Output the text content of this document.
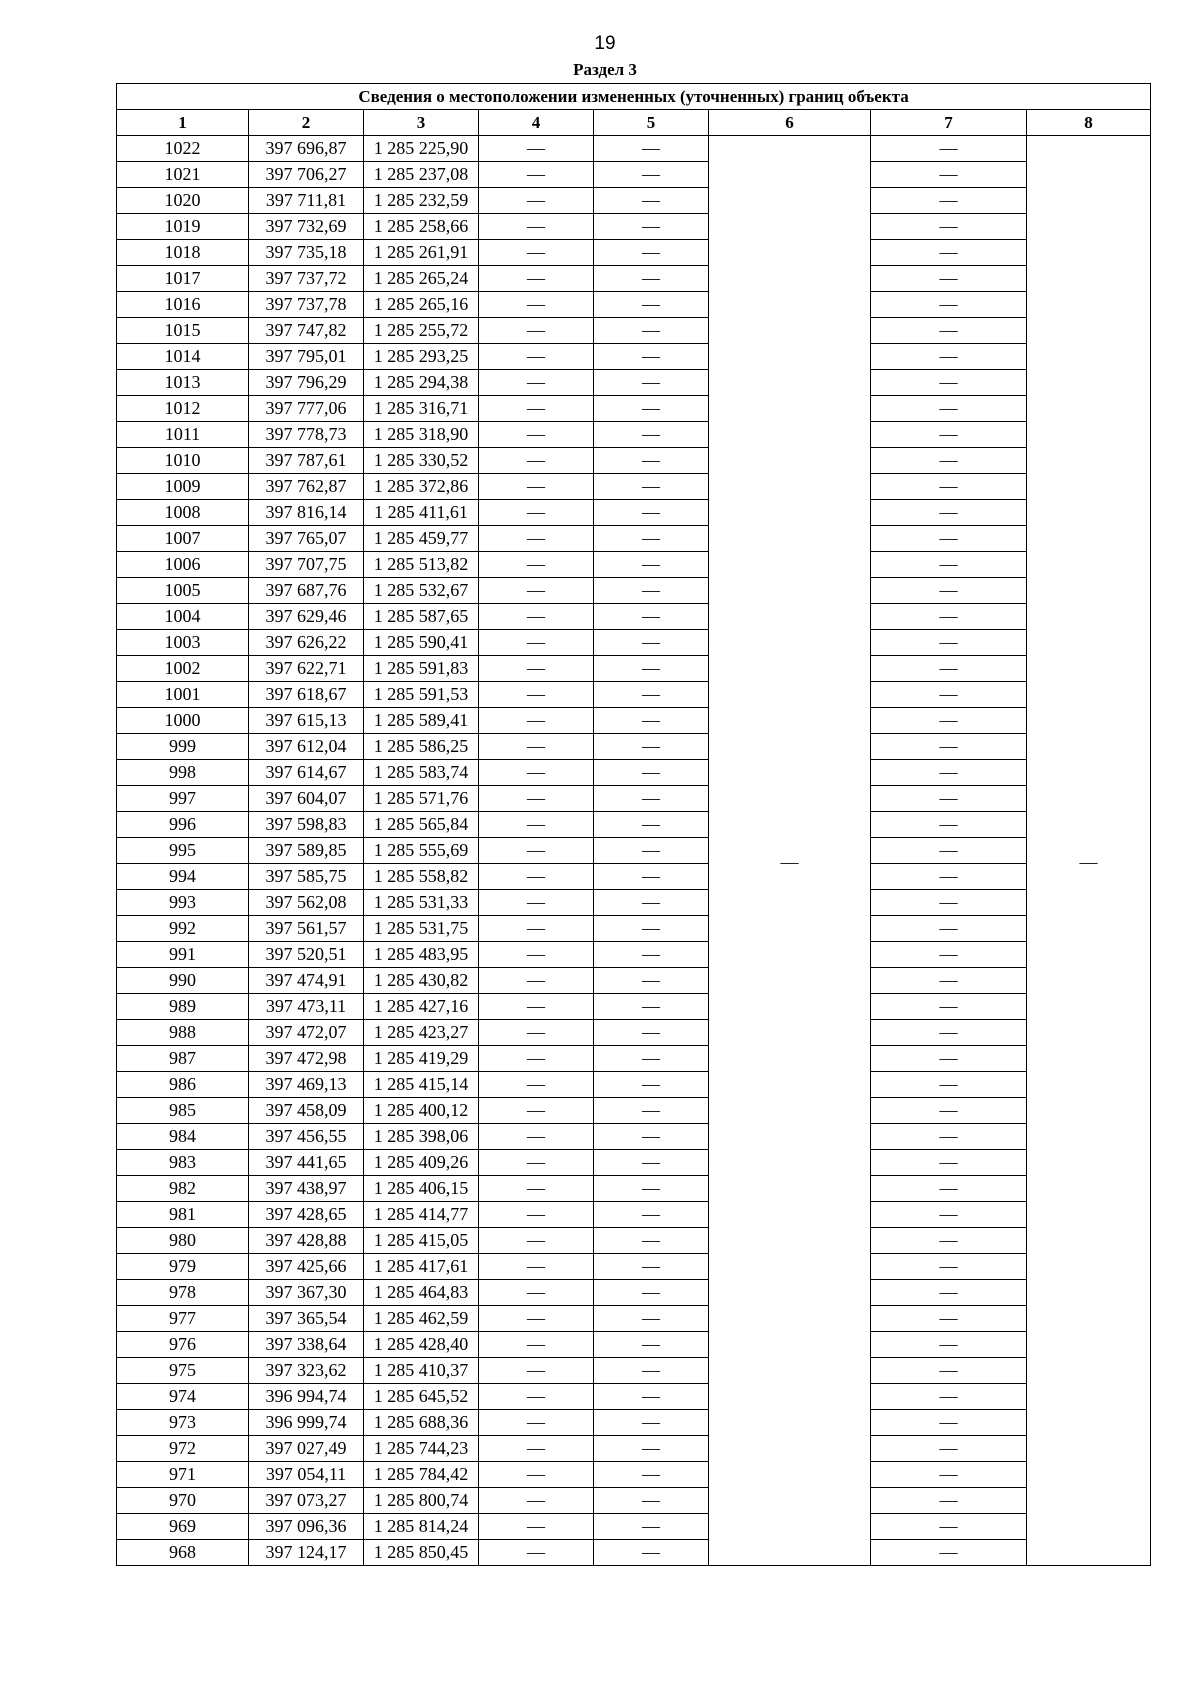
19
Раздел 3
Сведения о местоположении измененных (уточненных) границ объекта							
1	2	3	4	5	6	7	8
1022	397 696,87	1 285 225,90	—	—	—	—	—
1021	397 706,27	1 285 237,08	—	—		—	
1020	397 711,81	1 285 232,59	—	—		—	
1019	397 732,69	1 285 258,66	—	—		—	
1018	397 735,18	1 285 261,91	—	—		—	
1017	397 737,72	1 285 265,24	—	—		—	
1016	397 737,78	1 285 265,16	—	—		—	
1015	397 747,82	1 285 255,72	—	—		—	
1014	397 795,01	1 285 293,25	—	—		—	
1013	397 796,29	1 285 294,38	—	—		—	
1012	397 777,06	1 285 316,71	—	—		—	
1011	397 778,73	1 285 318,90	—	—		—	
1010	397 787,61	1 285 330,52	—	—		—	
1009	397 762,87	1 285 372,86	—	—		—	
1008	397 816,14	1 285 411,61	—	—		—	
1007	397 765,07	1 285 459,77	—	—		—	
1006	397 707,75	1 285 513,82	—	—		—	
1005	397 687,76	1 285 532,67	—	—		—	
1004	397 629,46	1 285 587,65	—	—		—	
1003	397 626,22	1 285 590,41	—	—		—	
1002	397 622,71	1 285 591,83	—	—		—	
1001	397 618,67	1 285 591,53	—	—		—	
1000	397 615,13	1 285 589,41	—	—		—	
999	397 612,04	1 285 586,25	—	—		—	
998	397 614,67	1 285 583,74	—	—		—	
997	397 604,07	1 285 571,76	—	—		—	
996	397 598,83	1 285 565,84	—	—		—	
995	397 589,85	1 285 555,69	—	—		—	
994	397 585,75	1 285 558,82	—	—		—	
993	397 562,08	1 285 531,33	—	—		—	
992	397 561,57	1 285 531,75	—	—		—	
991	397 520,51	1 285 483,95	—	—		—	
990	397 474,91	1 285 430,82	—	—		—	
989	397 473,11	1 285 427,16	—	—		—	
988	397 472,07	1 285 423,27	—	—		—	
987	397 472,98	1 285 419,29	—	—		—	
986	397 469,13	1 285 415,14	—	—		—	
985	397 458,09	1 285 400,12	—	—		—	
984	397 456,55	1 285 398,06	—	—		—	
983	397 441,65	1 285 409,26	—	—		—	
982	397 438,97	1 285 406,15	—	—		—	
981	397 428,65	1 285 414,77	—	—		—	
980	397 428,88	1 285 415,05	—	—		—	
979	397 425,66	1 285 417,61	—	—		—	
978	397 367,30	1 285 464,83	—	—		—	
977	397 365,54	1 285 462,59	—	—		—	
976	397 338,64	1 285 428,40	—	—		—	
975	397 323,62	1 285 410,37	—	—		—	
974	396 994,74	1 285 645,52	—	—		—	
973	396 999,74	1 285 688,36	—	—		—	
972	397 027,49	1 285 744,23	—	—		—	
971	397 054,11	1 285 784,42	—	—		—	
970	397 073,27	1 285 800,74	—	—		—	
969	397 096,36	1 285 814,24	—	—		—	
968	397 124,17	1 285 850,45	—	—		—	
